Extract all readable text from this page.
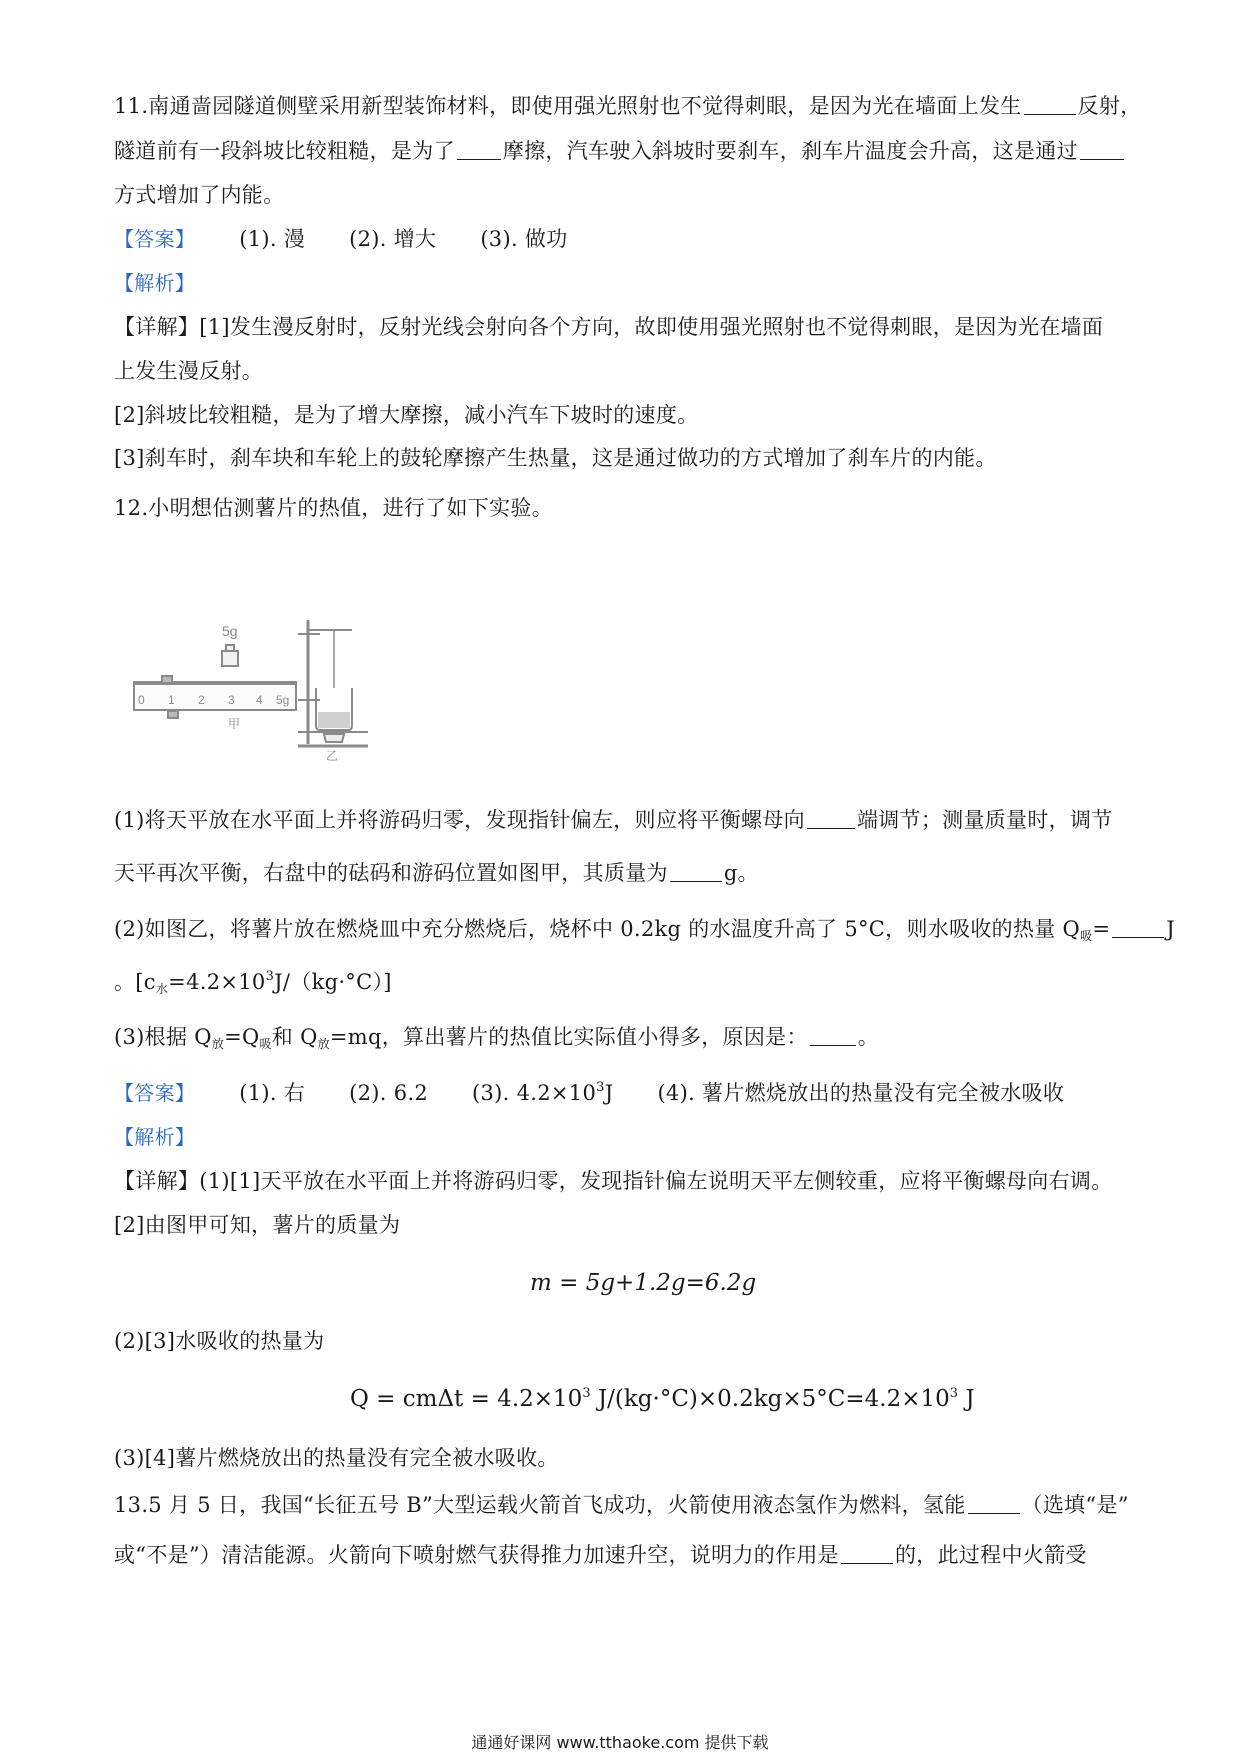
11.南通啬园隧道侧壁采用新型装饰材料，即使用强光照射也不觉得刺眼，是因为光在墙面上发生	反射，
隧道前有一段斜坡比较粗糙，是为了 摩擦，汽车驶入斜坡时要刹车，刹车片温度会升高，这是通过
方式增加了内能。
【答案】 (1). 漫 (2). 增大 (3). 做功
【解析】
【详解】[1]发生漫反射时，反射光线会射向各个方向，故即使用强光照射也不觉得刺眼，是因为光在墙面
上发生漫反射。
[2]斜坡比较粗糙，是为了增大摩擦，减小汽车下坡时的速度。
[3]刹车时，刹车块和车轮上的鼓轮摩擦产生热量，这是通过做功的方式增加了刹车片的内能。
12.小明想估测薯片的热值，进行了如下实验。
5g
0 1 2 3 4 5g
甲
乙
(1)将天平放在水平面上并将游码归零，发现指针偏左，则应将平衡螺母向 端调节；测量质量时，调节
天平再次平衡，右盘中的砝码和游码位置如图甲，其质量为	g。
(2)如图乙，将薯片放在燃烧皿中充分燃烧后，烧杯中 0.2kg 的水温度升高了 5°C，则水吸收的热量 $Q_吸=$	J
。$[c_水=4.2\times 10^3J/(kg\cdot^\circ C)]$
(3)根据 $Q_放=Q_吸$和 $Q_放=mq$，算出薯片的热值比实际值小得多，原因是： 。
【答案】 (1). 右 (2). 6.2 (3). $4.2\times 10^3J$ (4). 薯片燃烧放出的热量没有完全被水吸收
【解析】
【详解】(1)[1]天平放在水平面上并将游码归零，发现指针偏左说明天平左侧较重，应将平衡螺母向右调。
[2]由图甲可知，薯片的质量为
m = 5g+1.2g=6.2g
(2)[3]水吸收的热量为
$Q = cm\Delta t = 4.2\times 10^3$ $J/(kg\cdot^\circ C)\times 0.2kg\times 5^\circ C=4.2\times 10^3$ J
(3)[4]薯片燃烧放出的热量没有完全被水吸收。
13.5 月 5 日，我国“长征五号 B”大型运载火箭首飞成功，火箭使用液态氢作为燃料，氢能	（选填“是”
或“不是”）清洁能源。火箭向下喷射燃气获得推力加速升空，说明力的作用是	的，此过程中火箭受
通通好课网 www.tthaoke.com 提供下载
